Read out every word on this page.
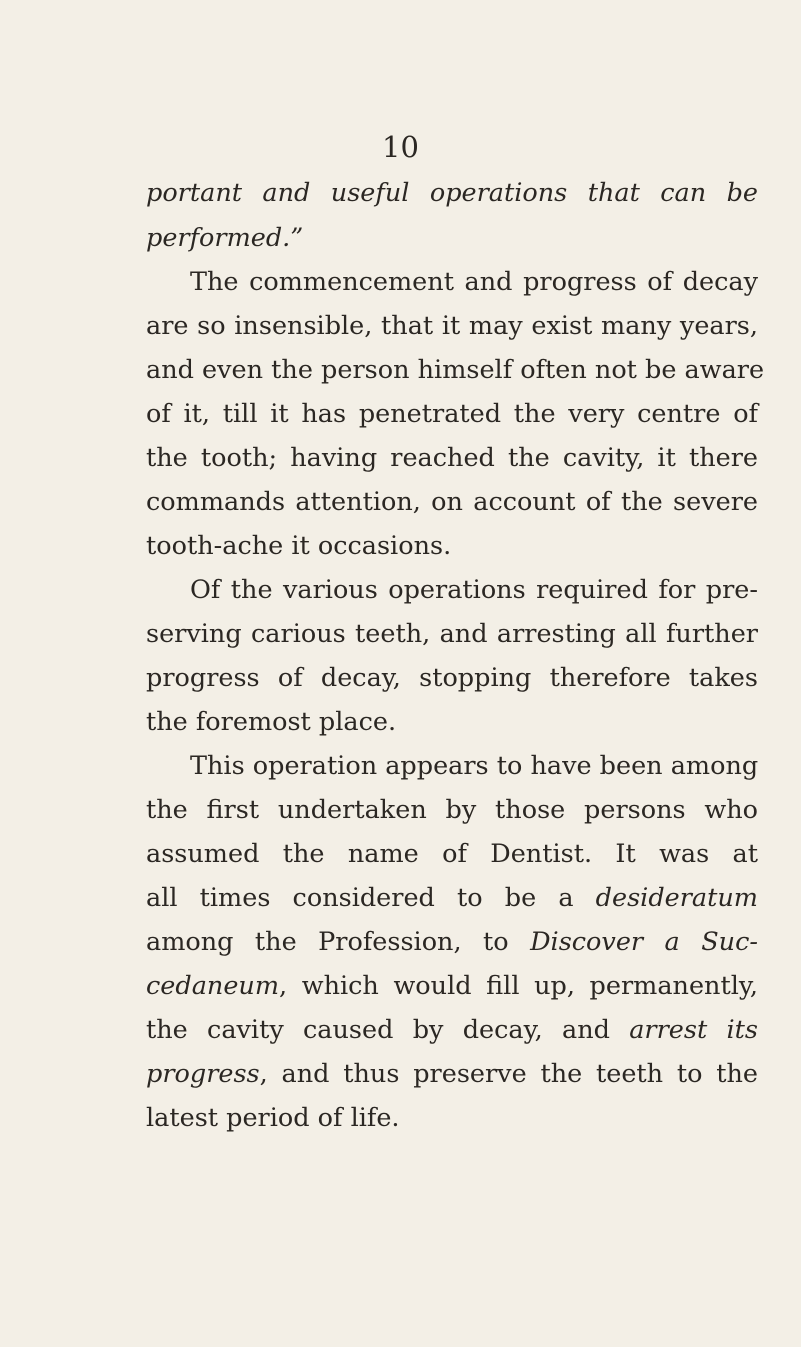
10
portant and useful operations that can be
performed.”
The commencement and progress of decay
are so insensible, that it may exist many years,
and even the person himself often not be aware
of it, till it has penetrated the very centre of
the tooth; having reached the cavity, it there
commands attention, on account of the severe
tooth-ache it occasions.
Of the various operations required for pre-
serving carious teeth, and arresting all further
progress of decay, stopping therefore takes
the foremost place.
This operation appears to have been among
the first undertaken by those persons who
assumed the name of Dentist. It was at
all times considered to be a desideratum
among the Profession, to Discover a Suc-
cedaneum, which would fill up, permanently,
the cavity caused by decay, and arrest its
progress, and thus preserve the teeth to the
latest period of life.
